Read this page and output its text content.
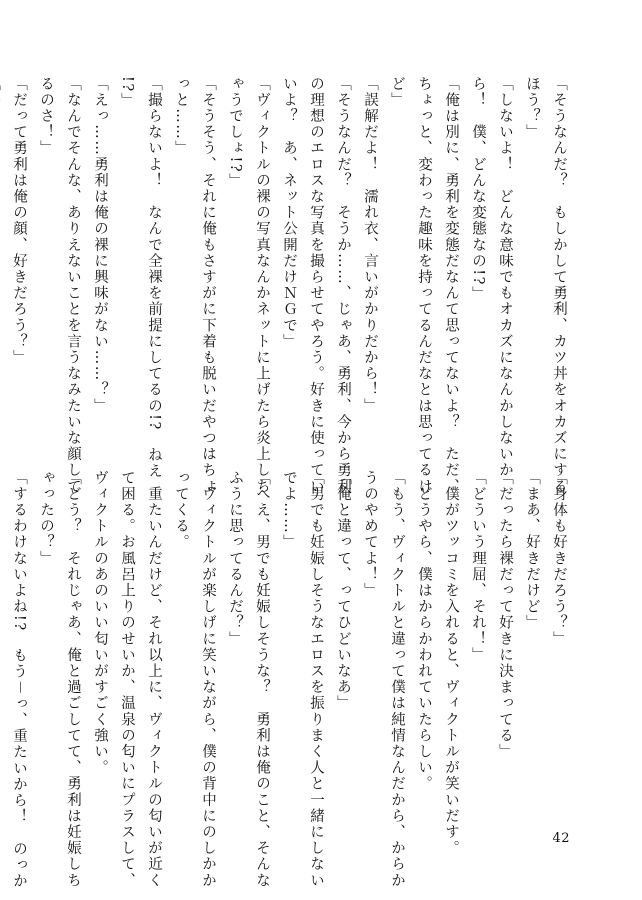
「そうなんだ？　もしかして勇利、カツ丼をオカズにする
ほう？」
「しないよ！　どんな意味でもオカズになんかしないか
ら！　僕、どんな変態なの!?」
「俺は別に、勇利を変態だなんて思ってないよ？　ただ、
ちょっと、変わった趣味を持ってるんだなとは思ってるけ
ど」
「誤解だよ！　濡れ衣、言いがかりだから！」
「そうなんだ？　そうか……、じゃあ、勇利、今から勇利
の理想のエロスな写真を撮らせてやろう。好きに使ってい
いよ？　あ、ネット公開だけＮＧで」
「ヴィクトルの裸の写真なんかネットに上げたら炎上しち
ゃうでしょ!?」
「そうそう、それに俺もさすがに下着も脱いだやつはちょ
っと……」
「撮らないよ！　なんで全裸を前提にしてるの!?　ねえ
!?」
「えっ……勇利は俺の裸に興味がない……？」
「なんでそんな、ありえないことを言うなみたいな顔して
るのさ！」
「だって勇利は俺の顔、好きだろう？」
「身体も好きだろう？」
「まあ、好きだけど」
「だったら裸だって好きに決まってる」
「どういう理屈、それ！」
　僕がツッコミを入れると、ヴィクトルが笑いだす。
　どうやら、僕はからかわれていたらしい。
「もう、ヴィクトルと違って僕は純情なんだから、からか
うのやめてよ！」
「俺と違って、ってひどいなあ」
「男でも妊娠しそうなエロスを振りまく人と一緒にしない
でよ……」
「へえ、男でも妊娠しそうな？　勇利は俺のこと、そんな
ふうに思ってるんだ？」
　ヴィクトルが楽しげに笑いながら、僕の背中にのしかか
ってくる。
　重たいんだけど、それ以上に、ヴィクトルの匂いが近く
て困る。お風呂上りのせいか、温泉の匂いにプラスして、
ヴィクトルのあのいい匂いがすごく強い。
「どう？　それじゃあ、俺と過ごしてて、勇利は妊娠しち
ゃったの？」
「するわけないよね!?　もう－っ、重たいから！　のっか	42
